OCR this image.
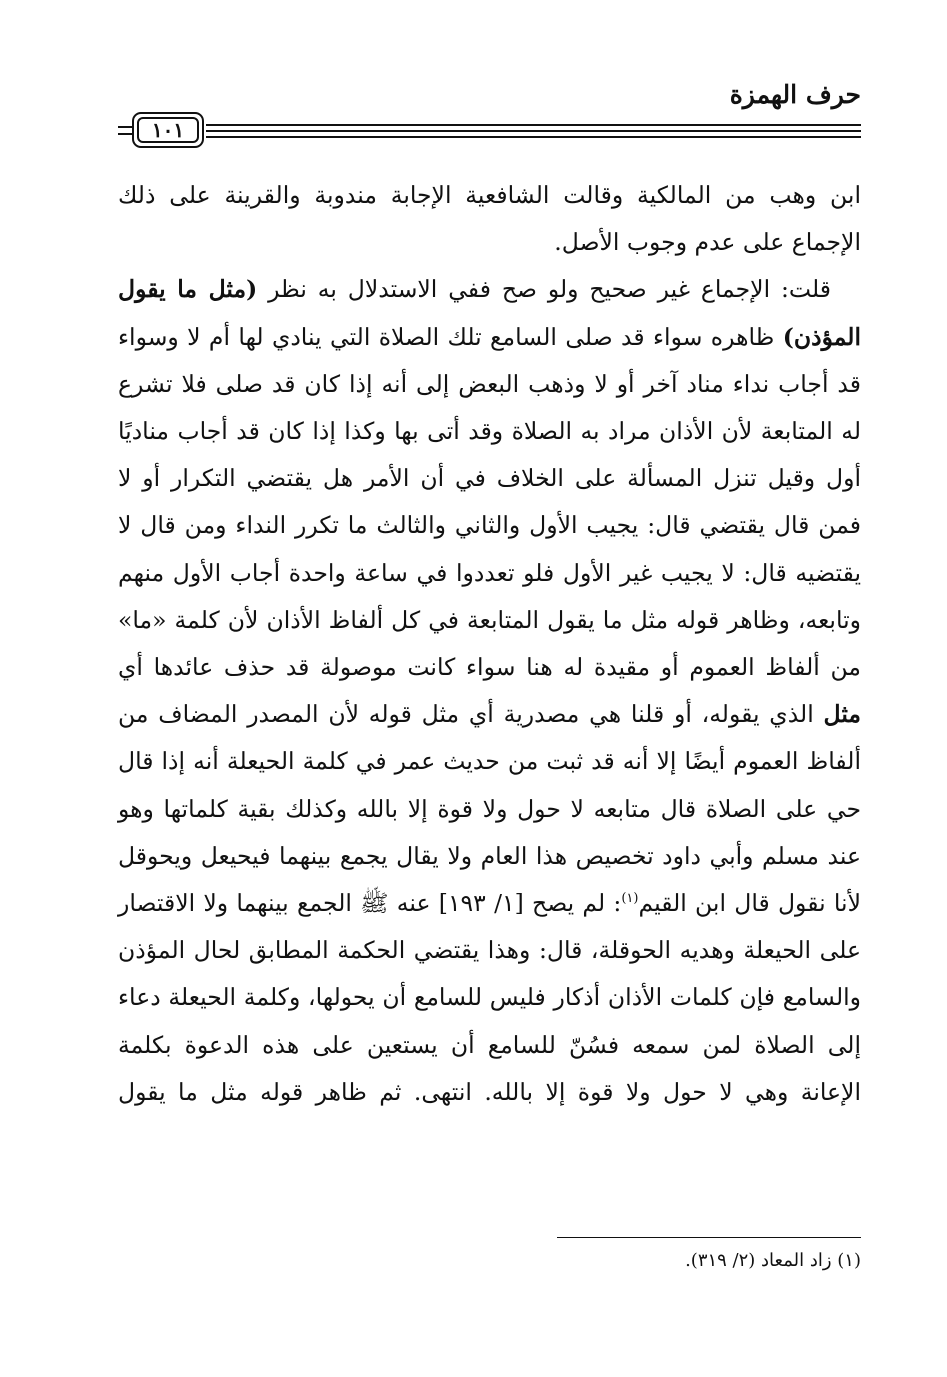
حرف الهمزة
١٠١

ابن وهب من المالكية وقالت الشافعية الإجابة مندوبة والقرينة على ذلك الإجماع على عدم وجوب الأصل.

قلت: الإجماع غير صحيح ولو صح ففي الاستدلال به نظر (مثل ما يقول المؤذن) ظاهره سواء قد صلى السامع تلك الصلاة التي ينادي لها أم لا وسواء قد أجاب نداء مناد آخر أو لا وذهب البعض إلى أنه إذا كان قد صلى فلا تشرع له المتابعة لأن الأذان مراد به الصلاة وقد أتى بها وكذا إذا كان قد أجاب مناديًا أول وقيل تنزل المسألة على الخلاف في أن الأمر هل يقتضي التكرار أو لا فمن قال يقتضي قال: يجيب الأول والثاني والثالث ما تكرر النداء ومن قال لا يقتضيه قال: لا يجيب غير الأول فلو تعددوا في ساعة واحدة أجاب الأول منهم وتابعه، وظاهر قوله مثل ما يقول المتابعة في كل ألفاظ الأذان لأن كلمة «ما» من ألفاظ العموم أو مقيدة له هنا سواء كانت موصولة قد حذف عائدها أي مثل الذي يقوله، أو قلنا هي مصدرية أي مثل قوله لأن المصدر المضاف من ألفاظ العموم أيضًا إلا أنه قد ثبت من حديث عمر في كلمة الحيعلة أنه إذا قال حي على الصلاة قال متابعه لا حول ولا قوة إلا بالله وكذلك بقية كلماتها وهو عند مسلم وأبي داود تخصيص هذا العام ولا يقال يجمع بينهما فيحيعل ويحوقل لأنا نقول قال ابن القيم$^{(١)}$: لم يصح [١/ ١٩٣] عنه ﷺ الجمع بينهما ولا الاقتصار على الحيعلة وهديه الحوقلة، قال: وهذا يقتضي الحكمة المطابق لحال المؤذن والسامع فإن كلمات الأذان أذكار فليس للسامع أن يحولها، وكلمة الحيعلة دعاء إلى الصلاة لمن سمعه فسُنّ للسامع أن يستعين على هذه الدعوة بكلمة الإعانة وهي لا حول ولا قوة إلا بالله. انتهى. ثم ظاهر قوله مثل ما يقول

(١) زاد المعاد (٢/ ٣١٩).
